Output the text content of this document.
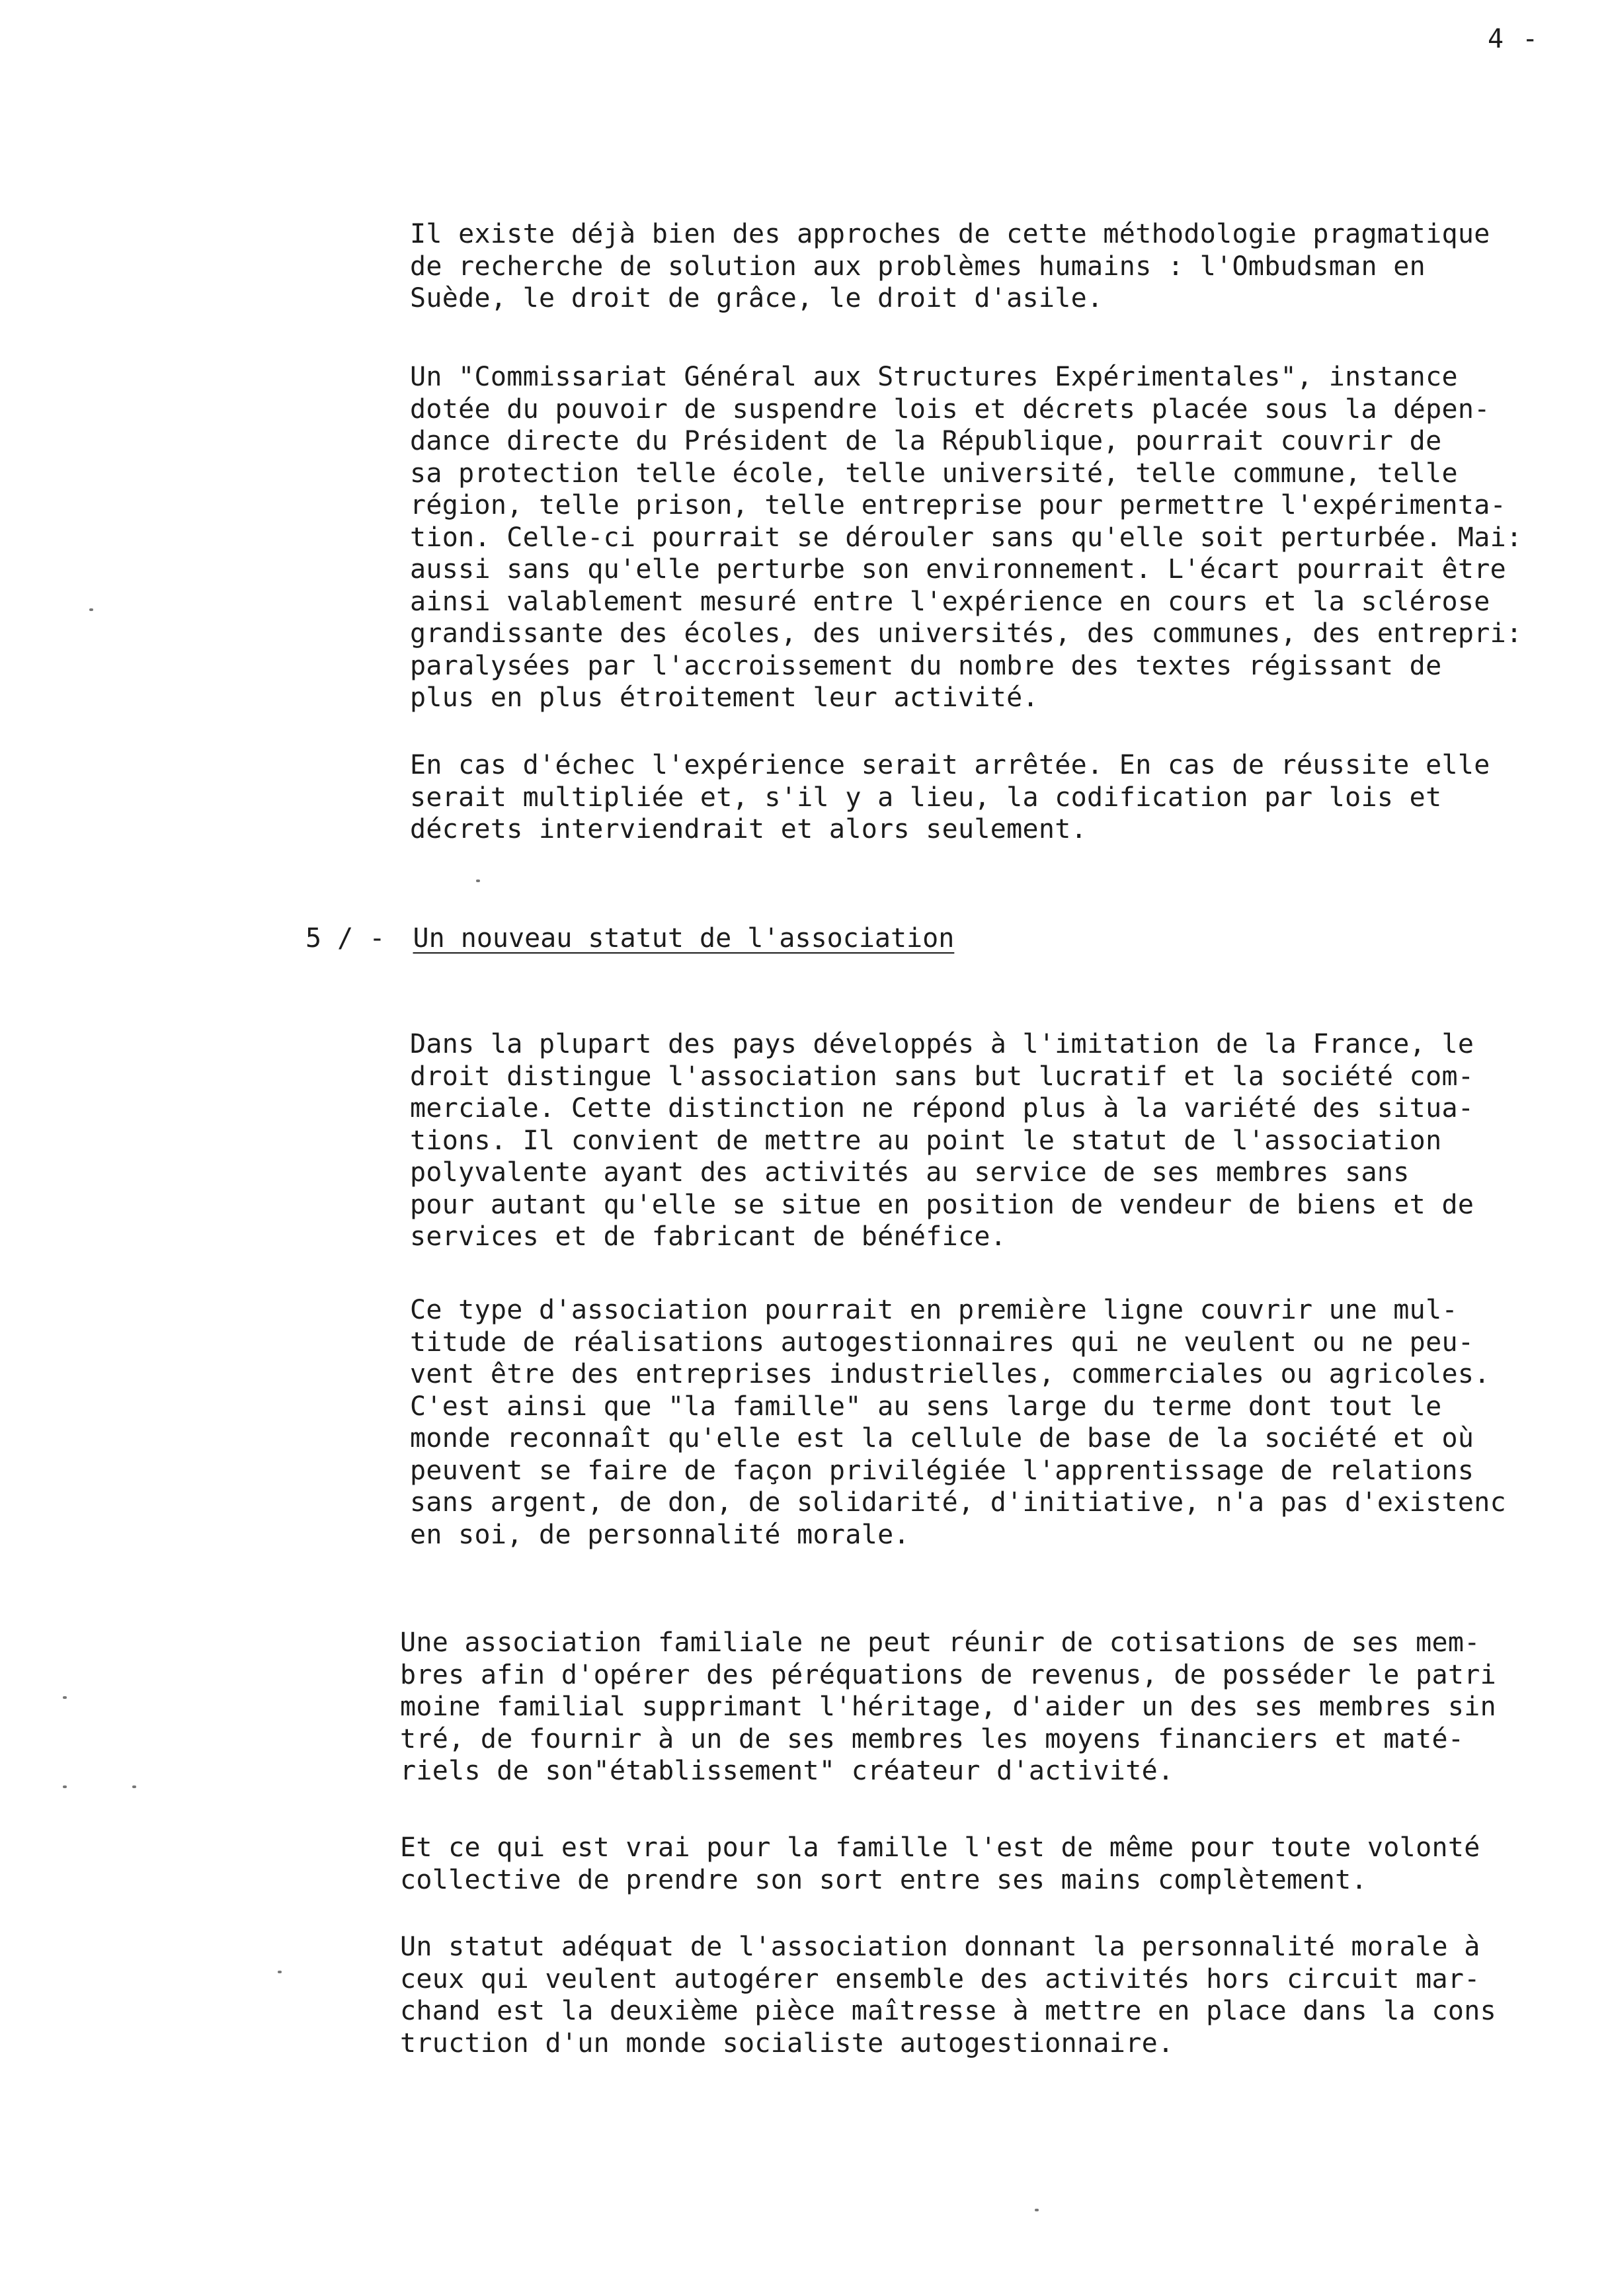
4 -

Il existe déjà bien des approches de cette méthodologie pragmatique
de recherche de solution aux problèmes humains : l'Ombudsman en
Suède, le droit de grâce, le droit d'asile.

Un "Commissariat Général aux Structures Expérimentales", instance
dotée du pouvoir de suspendre lois et décrets placée sous la dépen-
dance directe du Président de la République, pourrait couvrir de
sa protection telle école, telle université, telle commune, telle
région, telle prison, telle entreprise pour permettre l'expérimenta-
tion. Celle-ci pourrait se dérouler sans qu'elle soit perturbée. Mai:
aussi sans qu'elle perturbe son environnement. L'écart pourrait être
ainsi valablement mesuré entre l'expérience en cours et la sclérose
grandissante des écoles, des universités, des communes, des entrepri:
paralysées par l'accroissement du nombre des textes régissant de
plus en plus étroitement leur activité.

En cas d'échec l'expérience serait arrêtée. En cas de réussite elle
serait multipliée et, s'il y a lieu, la codification par lois et
décrets interviendrait et alors seulement.

5 / - Un nouveau statut de l'association

Dans la plupart des pays développés à l'imitation de la France, le
droit distingue l'association sans but lucratif et la société com-
merciale. Cette distinction ne répond plus à la variété des situa-
tions. Il convient de mettre au point le statut de l'association
polyvalente ayant des activités au service de ses membres sans
pour autant qu'elle se situe en position de vendeur de biens et de
services et de fabricant de bénéfice.

Ce type d'association pourrait en première ligne couvrir une mul-
titude de réalisations autogestionnaires qui ne veulent ou ne peu-
vent être des entreprises industrielles, commerciales ou agricoles.
C'est ainsi que "la famille" au sens large du terme dont tout le
monde reconnaît qu'elle est la cellule de base de la société et où
peuvent se faire de façon privilégiée l'apprentissage de relations
sans argent, de don, de solidarité, d'initiative, n'a pas d'existenc
en soi, de personnalité morale.

Une association familiale ne peut réunir de cotisations de ses mem-
bres afin d'opérer des péréquations de revenus, de posséder le patri
moine familial supprimant l'héritage, d'aider un des ses membres sin
tré, de fournir à un de ses membres les moyens financiers et maté-
riels de son"établissement" créateur d'activité.

Et ce qui est vrai pour la famille l'est de même pour toute volonté
collective de prendre son sort entre ses mains complètement.

Un statut adéquat de l'association donnant la personnalité morale à
ceux qui veulent autogérer ensemble des activités hors circuit mar-
chand est la deuxième pièce maîtresse à mettre en place dans la cons
truction d'un monde socialiste autogestionnaire.
